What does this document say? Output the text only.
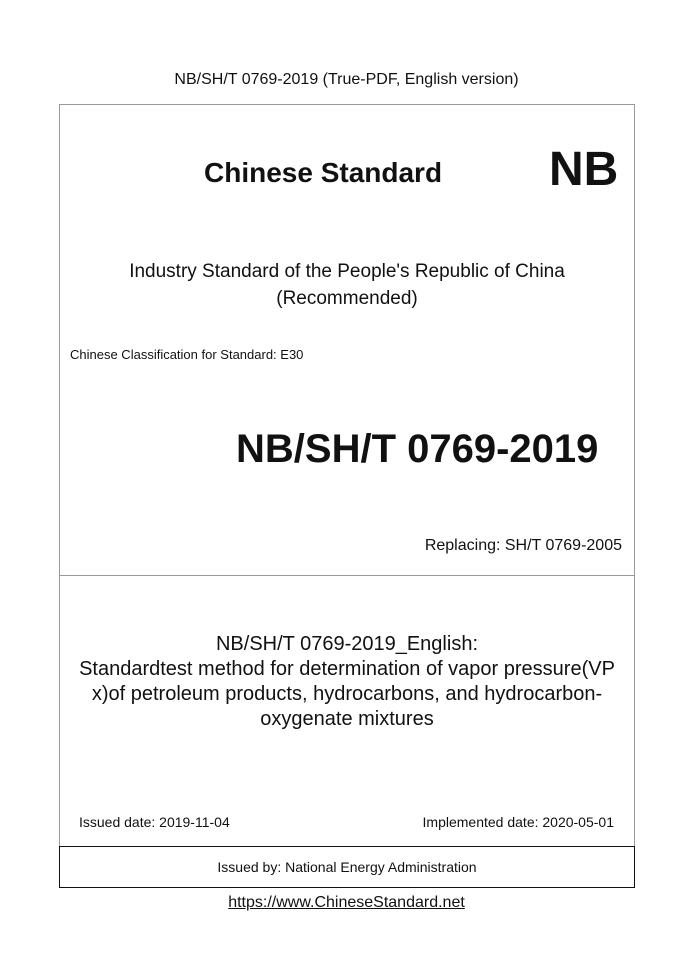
NB/SH/T 0769-2019 (True-PDF, English version)
Chinese Standard NB
Industry Standard of the People's Republic of China
(Recommended)
Chinese Classification for Standard: E30
NB/SH/T 0769-2019
Replacing: SH/T 0769-2005
NB/SH/T 0769-2019_English:
Standardtest method for determination of vapor pressure(VP
x)of petroleum products, hydrocarbons, and hydrocarbon-
oxygenate mixtures
Issued date: 2019-11-04	Implemented date: 2020-05-01
Issued by: National Energy Administration
https://www.ChineseStandard.net
